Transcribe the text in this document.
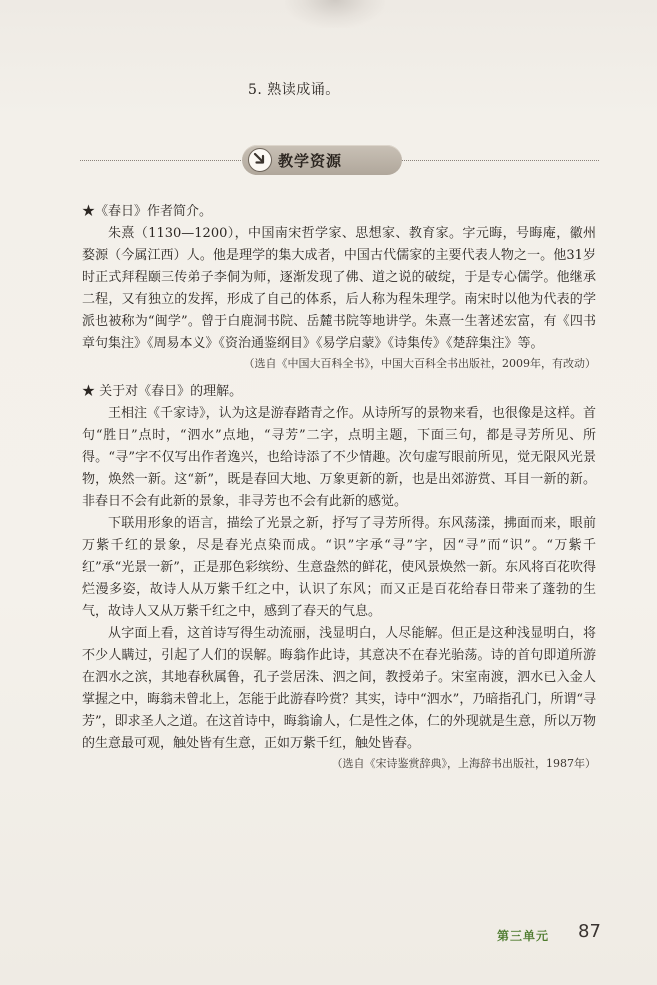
5. 熟读成诵。
教学资源

★《春日》作者简介。

朱熹（1130—1200），中国南宋哲学家、思想家、教育家。字元晦，号晦庵，徽州婺源（今属江西）人。他是理学的集大成者，中国古代儒家的主要代表人物之一。他31岁时正式拜程颐三传弟子李侗为师，逐渐发现了佛、道之说的破绽，于是专心儒学。他继承二程，又有独立的发挥，形成了自己的体系，后人称为程朱理学。南宋时以他为代表的学派也被称为“闽学”。曾于白鹿洞书院、岳麓书院等地讲学。朱熹一生著述宏富，有《四书章句集注》《周易本义》《资治通鉴纲目》《易学启蒙》《诗集传》《楚辞集注》等。

（选自《中国大百科全书》，中国大百科全书出版社，2009年，有改动）

★ 关于对《春日》的理解。

王相注《千家诗》，认为这是游春踏青之作。从诗所写的景物来看，也很像是这样。首句“胜日”点时，“泗水”点地，“寻芳”二字，点明主题，下面三句，都是寻芳所见、所得。“寻”字不仅写出作者逸兴，也给诗添了不少情趣。次句虚写眼前所见，觉无限风光景物，焕然一新。这“新”，既是春回大地、万象更新的新，也是出郊游赏、耳目一新的新。非春日不会有此新的景象，非寻芳也不会有此新的感觉。

下联用形象的语言，描绘了光景之新，抒写了寻芳所得。东风荡漾，拂面而来，眼前万紫千红的景象，尽是春光点染而成。“识”字承“寻”字，因“寻”而“识”。“万紫千红”承“光景一新”，正是那色彩缤纷、生意盎然的鲜花，使风景焕然一新。东风将百花吹得烂漫多姿，故诗人从万紫千红之中，认识了东风；而又正是百花给春日带来了蓬勃的生气，故诗人又从万紫千红之中，感到了春天的气息。

从字面上看，这首诗写得生动流丽，浅显明白，人尽能解。但正是这种浅显明白，将不少人瞒过，引起了人们的误解。晦翁作此诗，其意决不在春光骀荡。诗的首句即道所游在泗水之滨，其地春秋属鲁，孔子尝居洙、泗之间，教授弟子。宋室南渡，泗水已入金人掌握之中，晦翁未曾北上，怎能于此游春吟赏？其实，诗中“泗水”，乃暗指孔门，所谓“寻芳”，即求圣人之道。在这首诗中，晦翁谕人，仁是性之体，仁的外现就是生意，所以万物的生意最可观，触处皆有生意，正如万紫千红，触处皆春。

（选自《宋诗鉴赏辞典》，上海辞书出版社，1987年）

第三单元 87
